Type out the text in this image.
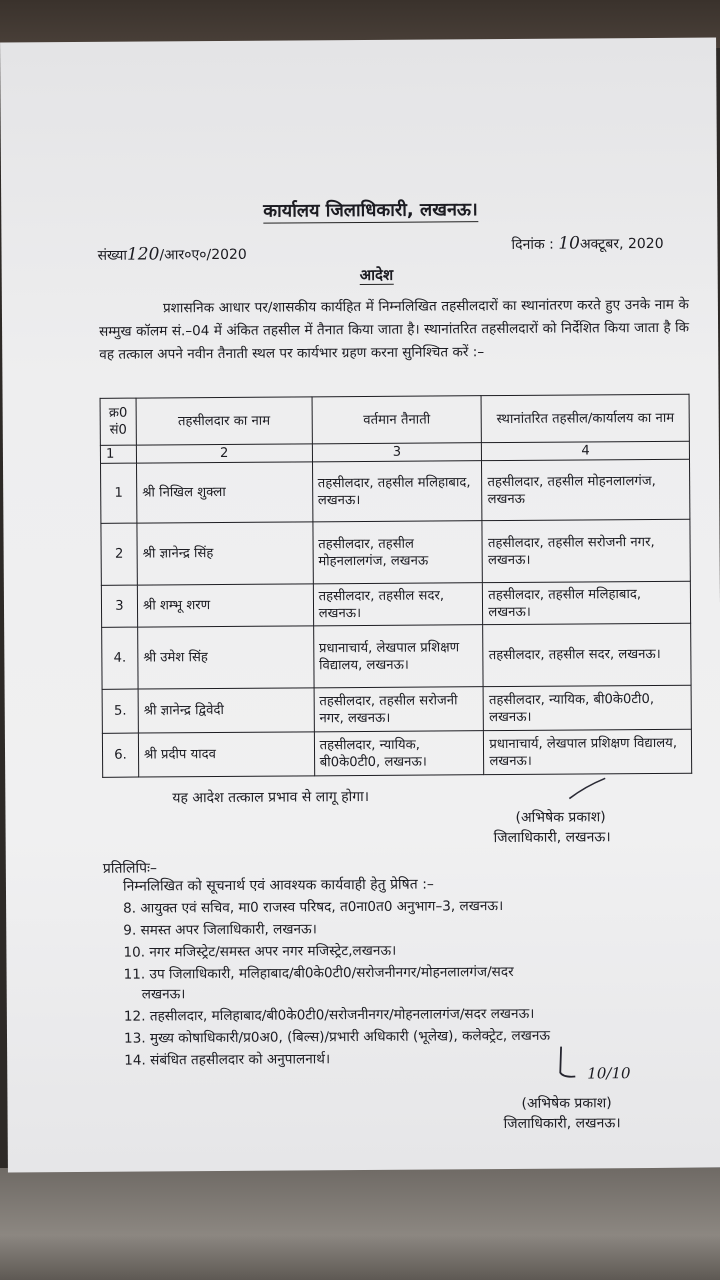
कार्यालय जिलाधिकारी, लखनऊ।
संख्या120/आर०ए०/2020
दिनांक : 10अक्टूबर, 2020
आदेश
प्रशासनिक आधार पर/शासकीय कार्यहित में निम्नलिखित तहसीलदारों का स्थानांतरण करते हुए उनके नाम के सम्मुख कॉलम सं.–04 में अंकित तहसील में तैनात किया जाता है। स्थानांतरित तहसीलदारों को निर्देशित किया जाता है कि वह तत्काल अपने नवीन तैनाती स्थल पर कार्यभार ग्रहण करना सुनिश्चित करें :–
क्र0 सं0	तहसीलदार का नाम	वर्तमान तैनाती	स्थानांतरित तहसील/कार्यालय का नाम
1	2	3	4
1	श्री निखिल शुक्ला	तहसीलदार, तहसील मलिहाबाद, लखनऊ।	तहसीलदार, तहसील मोहनलालगंज, लखनऊ
2	श्री ज्ञानेन्द्र सिंह	तहसीलदार, तहसील मोहनलालगंज, लखनऊ	तहसीलदार, तहसील सरोजनी नगर, लखनऊ।
3	श्री शम्भू शरण	तहसीलदार, तहसील सदर, लखनऊ।	तहसीलदार, तहसील मलिहाबाद, लखनऊ।
4.	श्री उमेश सिंह	प्रधानाचार्य, लेखपाल प्रशिक्षण विद्यालय, लखनऊ।	तहसीलदार, तहसील सदर, लखनऊ।
5.	श्री ज्ञानेन्द्र द्विवेदी	तहसीलदार, तहसील सरोजनी नगर, लखनऊ।	तहसीलदार, न्यायिक, बी0के0टी0, लखनऊ।
6.	श्री प्रदीप यादव	तहसीलदार, न्यायिक, बी0के0टी0, लखनऊ।	प्रधानाचार्य, लेखपाल प्रशिक्षण विद्यालय, लखनऊ।
यह आदेश तत्काल प्रभाव से लागू होगा।
(अभिषेक प्रकाश)
जिलाधिकारी, लखनऊ।
प्रतिलिपिः–
निम्नलिखित को सूचनार्थ एवं आवश्यक कार्यवाही हेतु प्रेषित :–
8. आयुक्त एवं सचिव, मा0 राजस्व परिषद, त0ना0त0 अनुभाग–3, लखनऊ।
9. समस्त अपर जिलाधिकारी, लखनऊ।
10. नगर मजिस्ट्रेट/समस्त अपर नगर मजिस्ट्रेट,लखनऊ।
11. उप जिलाधिकारी, मलिहाबाद/बी0के0टी0/सरोजनीनगर/मोहनलालगंज/सदर
लखनऊ।
12. तहसीलदार, मलिहाबाद/बी0के0टी0/सरोजनीनगर/मोहनलालगंज/सदर लखनऊ।
13. मुख्य कोषाधिकारी/प्र0अ0, (बिल्स)/प्रभारी अधिकारी (भूलेख), कलेक्ट्रेट, लखनऊ
14. संबंधित तहसीलदार को अनुपालनार्थ।
10/10
(अभिषेक प्रकाश)
जिलाधिकारी, लखनऊ।
